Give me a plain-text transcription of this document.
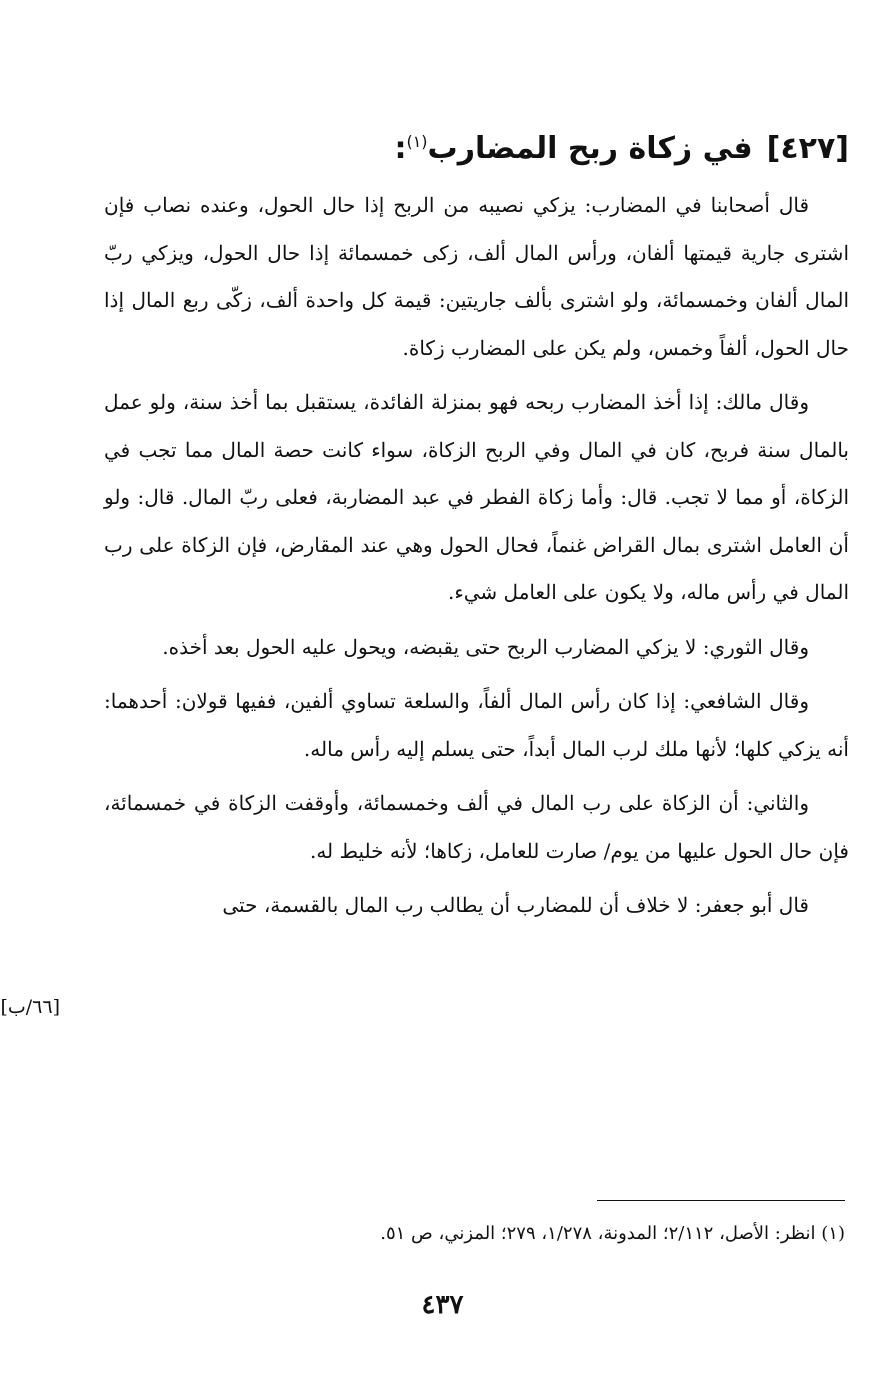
[٤٢٧]في زكاة ربح المضارب$^{(١)}$:

قال أصحابنا في المضارب: يزكي نصيبه من الربح إذا حال الحول، وعنده نصاب فإن اشترى جارية قيمتها ألفان، ورأس المال ألف، زكى خمسمائة إذا حال الحول، ويزكي ربّ المال ألفان وخمسمائة، ولو اشترى بألف جاريتين: قيمة كل واحدة ألف، زكّى ربع المال إذا حال الحول، ألفاً وخمس، ولم يكن على المضارب زكاة.

وقال مالك: إذا أخذ المضارب ربحه فهو بمنزلة الفائدة، يستقبل بما أخذ سنة، ولو عمل بالمال سنة فربح، كان في المال وفي الربح الزكاة، سواء كانت حصة المال مما تجب في الزكاة، أو مما لا تجب. قال: وأما زكاة الفطر في عبد المضاربة، فعلى ربّ المال. قال: ولو أن العامل اشترى بمال القراض غنماً، فحال الحول وهي عند المقارض، فإن الزكاة على رب المال في رأس ماله، ولا يكون على العامل شيء.

وقال الثوري: لا يزكي المضارب الربح حتى يقبضه، ويحول عليه الحول بعد أخذه.

وقال الشافعي: إذا كان رأس المال ألفاً، والسلعة تساوي ألفين، ففيها قولان: أحدهما: أنه يزكي كلها؛ لأنها ملك لرب المال أبداً، حتى يسلم إليه رأس ماله.

والثاني: أن الزكاة على رب المال في ألف وخمسمائة، وأوقفت الزكاة في خمسمائة، فإن حال الحول عليها من يوم/ صارت للعامل، زكاها؛ لأنه خليط له.

قال أبو جعفر: لا خلاف أن للمضارب أن يطالب رب المال بالقسمة، حتى

[٦٦/ب]
(١) انظر: الأصل، ٢/١١٢؛ المدونة، ١/٢٧٨، ٢٧٩؛ المزني، ص ٥١.
٤٣٧
